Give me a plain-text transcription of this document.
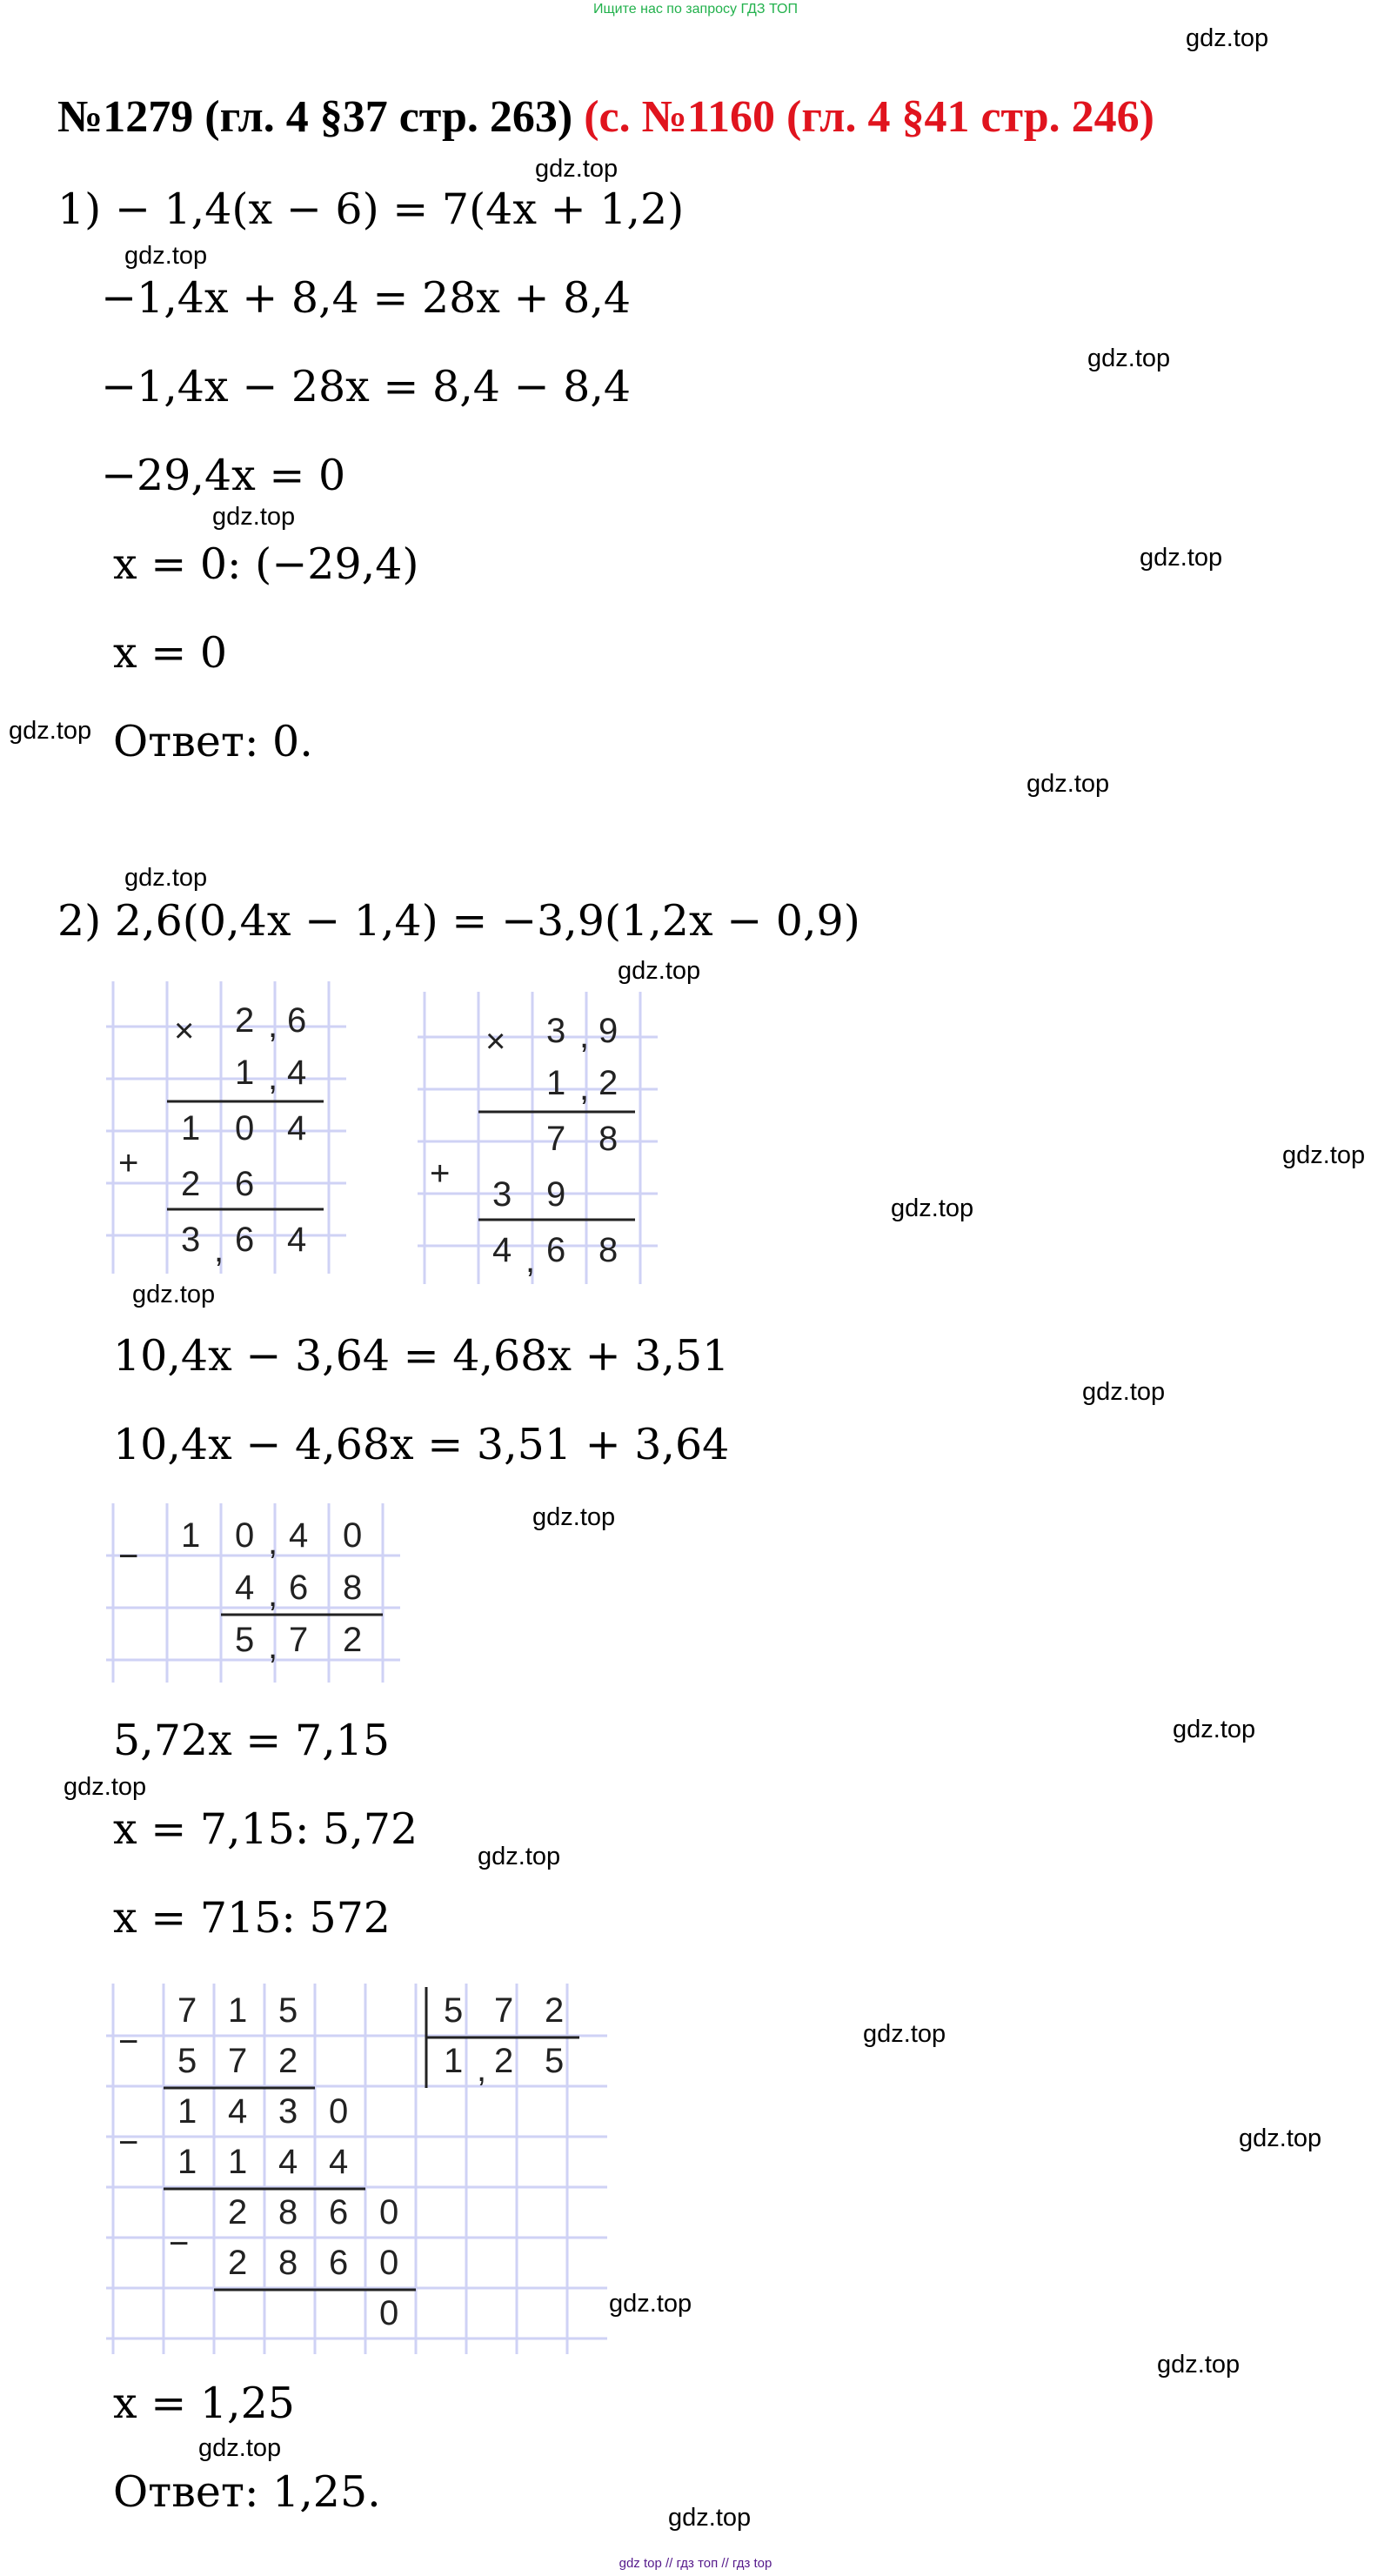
Ищите нас по запросу ГДЗ ТОП
№1279 (гл. 4 §37 стр. 263) (с. №1160 (гл. 4 §41 стр. 246)
gdz.top
gdz.top
gdz.top
gdz.top
gdz.top
gdz.top
gdz.top
gdz.top
gdz.top
gdz.top
gdz.top
gdz.top
gdz.top
gdz.top
gdz.top
gdz.top
gdz.top
gdz.top
gdz.top
gdz.top
gdz.top
gdz.top
gdz.top
gdz.top
1) − 1,4(x − 6) = 7(4x + 1,2)
−1,4x + 8,4 = 28x + 8,4
−1,4x − 28x = 8,4 − 8,4
−29,4x = 0
x = 0: (−29,4)
x = 0
Ответ: 0.
2) 2,6(0,4x − 1,4) = −3,9(1,2x − 0,9)
×
+
2 6
,
1 4
,
1 0 4
2 6
3 6 4
,
×
+
3 9
,
1 2
,
7 8
3 9
4 6 8
,
10,4x − 3,64 = 4,68x + 3,51
10,4x − 4,68x = 3,51 + 3,64
−
1 0 4 0
,
4 6 8
,
5 7 2
,
5,72x = 7,15
x = 7,15: 5,72
x = 715: 572
−
−
−
7 1 5	5 7 2
5 7 2	1 2 5
,
1 4 3 0
1 1 4 4
2 8 6 0
2 8 6 0
0
x = 1,25
Ответ: 1,25.
gdz top // гдз топ // гдз top
